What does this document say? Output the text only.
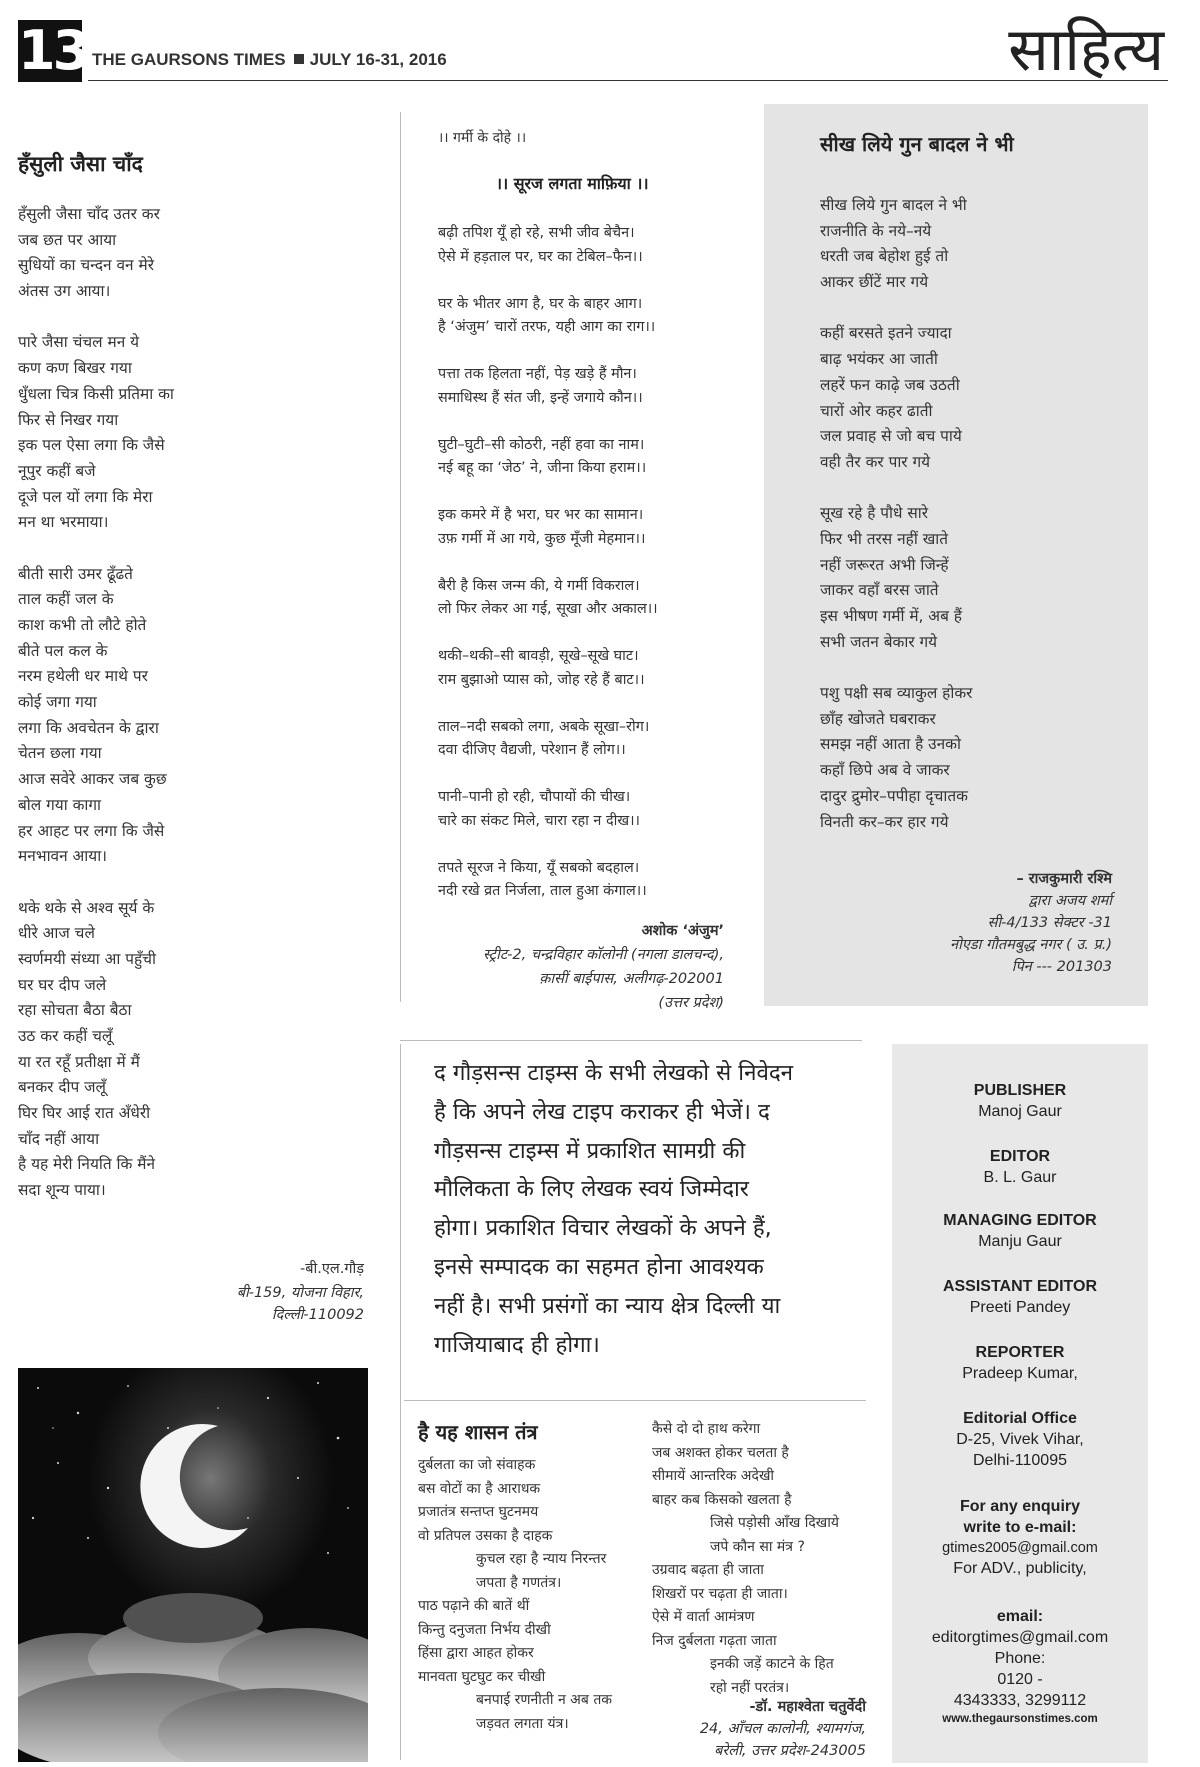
13 THE GAURSONS TIMES JULY 16-31, 2016	साहित्य
हँसुली जैसा चाँद
हँसुली जैसा चाँद उतर कर
जब छत पर आया
सुधियों का चन्दन वन मेरे
अंतस उग आया।
पारे जैसा चंचल मन ये
कण कण बिखर गया
धुँधला चित्र किसी प्रतिमा का
फिर से निखर गया
इक पल ऐसा लगा कि जैसे
नूपुर कहीं बजे
दूजे पल यों लगा कि मेरा
मन था भरमाया।
बीती सारी उमर ढूँढते
ताल कहीं जल के
काश कभी तो लौटे होते
बीते पल कल के
नरम हथेली धर माथे पर
कोई जगा गया
लगा कि अवचेतन के द्वारा
चेतन छला गया
आज सवेरे आकर जब कुछ
बोल गया कागा
हर आहट पर लगा कि जैसे
मनभावन आया।
थके थके से अश्व सूर्य के
धीरे आज चले
स्वर्णमयी संध्या आ पहुँची
घर घर दीप जले
रहा सोचता बैठा बैठा
उठ कर कहीं चलूँ
या रत रहूँ प्रतीक्षा में मैं
बनकर दीप जलूँ
घिर घिर आई रात अँधेरी
चाँद नहीं आया
है यह मेरी नियति कि मैंने
सदा शून्य पाया।
-बी.एल.गौड़
बी-159, योजना विहार,
दिल्ली-110092
।। गर्मी के दोहे ।।
।। सूरज लगता माफ़िया ।।
बढ़ी तपिश यूँ हो रहे, सभी जीव बेचैन।
ऐसे में हड़ताल पर, घर का टेबिल–फैन।।
घर के भीतर आग है, घर के बाहर आग।
है ‘अंजुम’ चारों तरफ, यही आग का राग।।
पत्ता तक हिलता नहीं, पेड़ खड़े हैं मौन।
समाधिस्थ हैं संत जी, इन्हें जगाये कौन।।
घुटी–घुटी–सी कोठरी, नहीं हवा का नाम।
नई बहू का ‘जेठ’ ने, जीना किया हराम।।
इक कमरे में है भरा, घर भर का सामान।
उफ़ गर्मी में आ गये, कुछ मूँजी मेहमान।।
बैरी है किस जन्म की, ये गर्मी विकराल।
लो फिर लेकर आ गई, सूखा और अकाल।।
थकी–थकी–सी बावड़ी, सूखे–सूखे घाट।
राम बुझाओ प्यास को, जोह रहे हैं बाट।।
ताल–नदी सबको लगा, अबके सूखा–रोग।
दवा दीजिए वैद्यजी, परेशान हैं लोग।।
पानी–पानी हो रही, चौपायों की चीख।
चारे का संकट मिले, चारा रहा न दीख।।
तपते सूरज ने किया, यूँ सबको बदहाल।
नदी रखे व्रत निर्जला, ताल हुआ कंगाल।।
अशोक ‘अंजुम’
स्ट्रीट-2, चन्द्रविहार कॉलोनी (नगला डालचन्द),
क़ासीं बाईपास, अलीगढ़-202001
(उत्तर प्रदेश)
सीख लिये गुन बादल ने भी
सीख लिये गुन बादल ने भी
राजनीति के नये–नये
धरती जब बेहोश हुई तो
आकर छींटें मार गये
कहीं बरसते इतने ज्यादा
बाढ़ भयंकर आ जाती
लहरें फन काढ़े जब उठती
चारों ओर कहर ढाती
जल प्रवाह से जो बच पाये
वही तैर कर पार गये
सूख रहे है पौधे सारे
फिर भी तरस नहीं खाते
नहीं जरूरत अभी जिन्हें
जाकर वहाँ बरस जाते
इस भीषण गर्मी में, अब हैं
सभी जतन बेकार गये
पशु पक्षी सब व्याकुल होकर
छाँह खोजते घबराकर
समझ नहीं आता है उनको
कहाँ छिपे अब वे जाकर
दादुर द्रुमोर–पपीहा दृचातक
विनती कर–कर हार गये
– राजकुमारी रश्मि
द्वारा अजय शर्मा
सी-4/133 सेक्टर -31
नोएडा गौतमबुद्ध नगर ( उ. प्र.)
पिन --- 201303
द गौड़सन्स टाइम्स के सभी लेखको से निवेदन
है कि अपने लेख टाइप कराकर ही भेजें। द
गौड़सन्स टाइम्स में प्रकाशित सामग्री की
मौलिकता के लिए लेखक स्वयं जिम्मेदार
होगा। प्रकाशित विचार लेखकों के अपने हैं,
इनसे सम्पादक का सहमत होना आवश्यक
नहीं है। सभी प्रसंगों का न्याय क्षेत्र दिल्ली या
गाजियाबाद ही होगा।
PUBLISHER
Manoj Gaur
EDITOR
B. L. Gaur
MANAGING EDITOR
Manju Gaur
ASSISTANT EDITOR
Preeti Pandey
REPORTER
Pradeep Kumar,
Editorial Office
D-25, Vivek Vihar,
Delhi-110095
For any enquiry
write to e-mail:
gtimes2005@gmail.com
For ADV., publicity,
email:
editorgtimes@gmail.com
Phone:
0120 -
4343333, 3299112
www.thegaursonstimes.com
है यह शासन तंत्र
दुर्बलता का जो संवाहक
बस वोटों का है आराधक
प्रजातंत्र सन्तप्त घुटनमय
वो प्रतिपल उसका है दाहक
कुचल रहा है न्याय निरन्तर
जपता है गणतंत्र।
पाठ पढ़ाने की बातें थीं
किन्तु दनुजता निर्भय दीखी
हिंसा द्वारा आहत होकर
मानवता घुटघुट कर चीखी
बनपाई रणनीती न अब तक
जड़वत लगता यंत्र।
कैसे दो दो हाथ करेगा
जब अशक्त होकर चलता है
सीमायें आन्तरिक अदेखी
बाहर कब किसको खलता है
जिसे पड़ोसी आँख दिखाये
जपे कौन सा मंत्र ?
उग्रवाद बढ़ता ही जाता
शिखरों पर चढ़ता ही जाता।
ऐसे में वार्ता आमंत्रण
निज दुर्बलता गढ़ता जाता
इनकी जड़ें काटने के हित
रहो नहीं परतंत्र।
-डॉ. महाश्वेता चतुर्वेदी
24, आँचल कालोनी, श्यामगंज,
बरेली, उत्तर प्रदेश-243005
